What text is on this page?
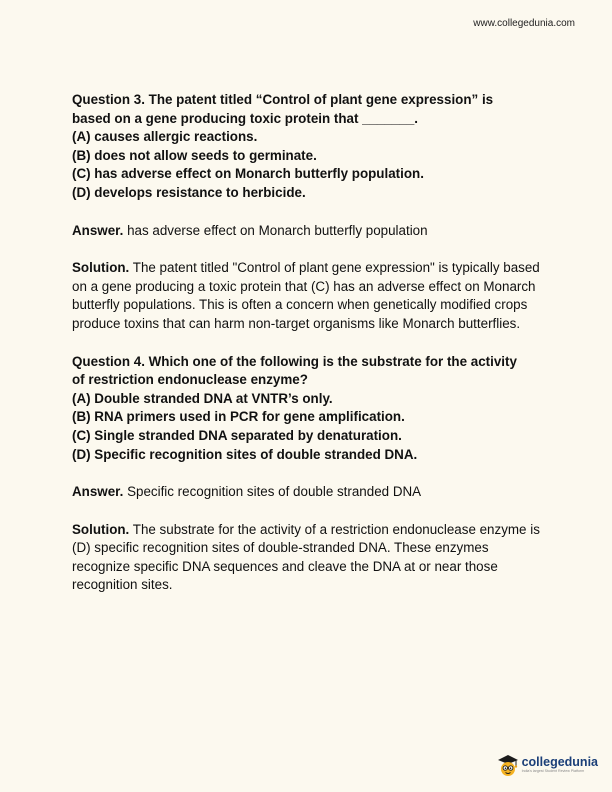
www.collegedunia.com

Question 3. The patent titled “Control of plant gene expression” is

based on a gene producing toxic protein that _______.

(A) causes allergic reactions.
(B) does not allow seeds to germinate.
(C) has adverse effect on Monarch butterfly population.
(D) develops resistance to herbicide.
Answer. has adverse effect on Monarch butterfly population
Solution. The patent titled "Control of plant gene expression" is typically based on a gene producing a toxic protein that (C) has an adverse effect on Monarch butterfly populations. This is often a concern when genetically modified crops produce toxins that can harm non-target organisms like Monarch butterflies.

Question 4. Which one of the following is the substrate for the activity

of restriction endonuclease enzyme?

(A) Double stranded DNA at VNTR’s only.
(B) RNA primers used in PCR for gene amplification.
(C) Single stranded DNA separated by denaturation.
(D) Specific recognition sites of double stranded DNA.
Answer. Specific recognition sites of double stranded DNA
Solution. The substrate for the activity of a restriction endonuclease enzyme is (D) specific recognition sites of double-stranded DNA. These enzymes recognize specific DNA sequences and cleave the DNA at or near those recognition sites.
collegedunia
India's largest Student Review Platform
